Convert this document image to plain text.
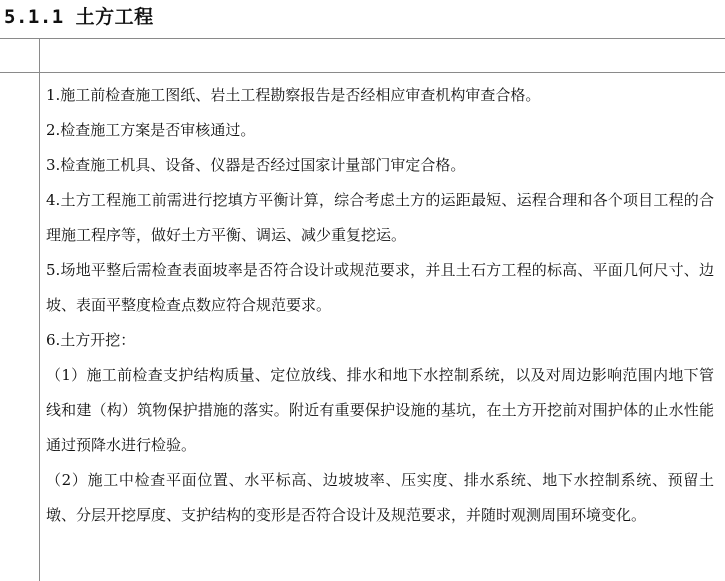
5.1.1 土方工程

1.施工前检查施工图纸、岩土工程勘察报告是否经相应审查机构审查合格。

2.检查施工方案是否审核通过。

3.检查施工机具、设备、仪器是否经过国家计量部门审定合格。

4.土方工程施工前需进行挖填方平衡计算，综合考虑土方的运距最短、运程合理和各个项目工程的合理施工程序等，做好土方平衡、调运、减少重复挖运。

5.场地平整后需检查表面坡率是否符合设计或规范要求，并且土石方工程的标高、平面几何尺寸、边坡、表面平整度检查点数应符合规范要求。

6.土方开挖：

（1）施工前检查支护结构质量、定位放线、排水和地下水控制系统，以及对周边影响范围内地下管线和建（构）筑物保护措施的落实。附近有重要保护设施的基坑，在土方开挖前对围护体的止水性能通过预降水进行检验。

（2）施工中检查平面位置、水平标高、边坡坡率、压实度、排水系统、地下水控制系统、预留土墩、分层开挖厚度、支护结构的变形是否符合设计及规范要求，并随时观测周围环境变化。
